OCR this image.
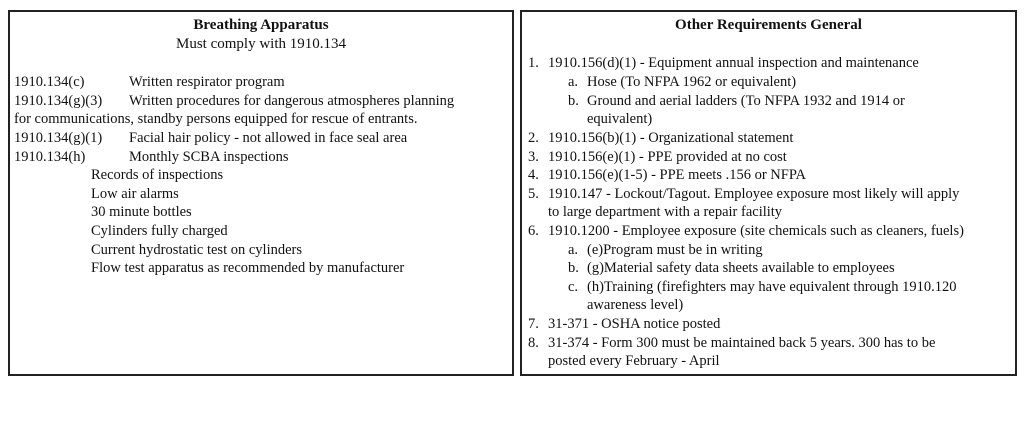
Breathing Apparatus
Must comply with 1910.134
1910.134(c)	Written respirator program
1910.134(g)(3) Written procedures for dangerous atmospheres planning
for communications, standby persons equipped for rescue of entrants.
1910.134(g)(1) Facial hair policy - not allowed in face seal area
1910.134(h)	Monthly SCBA inspections
Records of inspections
Low air alarms
30 minute bottles
Cylinders fully charged
Current hydrostatic test on cylinders
Flow test apparatus as recommended by manufacturer
Other Requirements General
1. 1910.156(d)(1) - Equipment annual inspection and maintenance
a. Hose (To NFPA 1962 or equivalent)
b. Ground and aerial ladders (To NFPA 1932 and 1914 or
equivalent)
2. 1910.156(b)(1) - Organizational statement
3. 1910.156(e)(1) - PPE provided at no cost
4. 1910.156(e)(1-5) - PPE meets .156 or NFPA
5. 1910.147 - Lockout/Tagout. Employee exposure most likely will apply
to large department with a repair facility
6. 1910.1200 - Employee exposure (site chemicals such as cleaners, fuels)
a. (e)Program must be in writing
b. (g)Material safety data sheets available to employees
c. (h)Training (firefighters may have equivalent through 1910.120
awareness level)
7. 31-371 - OSHA notice posted
8. 31-374 - Form 300 must be maintained back 5 years. 300 has to be
posted every February - April
